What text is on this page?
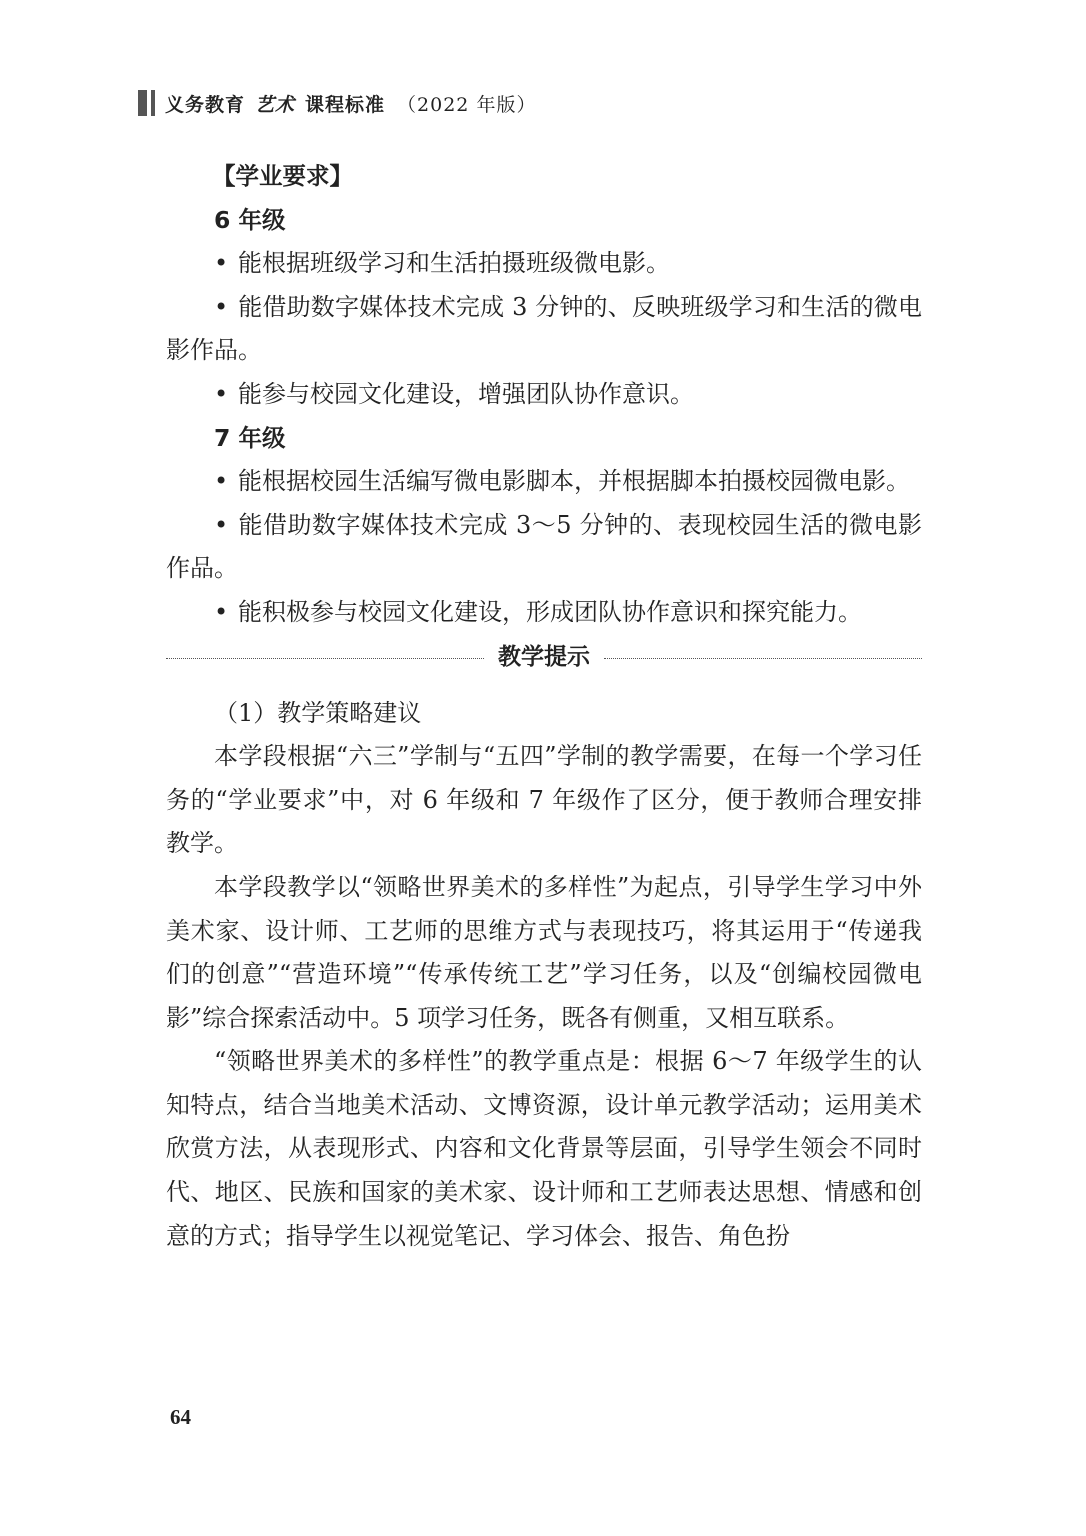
义务教育 艺术 课程标准 （2022 年版）

【学业要求】

6 年级

• 能根据班级学习和生活拍摄班级微电影。

• 能借助数字媒体技术完成 3 分钟的、反映班级学习和生活的微电影作品。

• 能参与校园文化建设，增强团队协作意识。

7 年级

• 能根据校园生活编写微电影脚本，并根据脚本拍摄校园微电影。

• 能借助数字媒体技术完成 3～5 分钟的、表现校园生活的微电影作品。

• 能积极参与校园文化建设，形成团队协作意识和探究能力。

教学提示

（1）教学策略建议

本学段根据“六三”学制与“五四”学制的教学需要，在每一个学习任务的“学业要求”中，对 6 年级和 7 年级作了区分，便于教师合理安排教学。

本学段教学以“领略世界美术的多样性”为起点，引导学生学习中外美术家、设计师、工艺师的思维方式与表现技巧，将其运用于“传递我们的创意”“营造环境”“传承传统工艺”学习任务，以及“创编校园微电影”综合探索活动中。5 项学习任务，既各有侧重，又相互联系。

“领略世界美术的多样性”的教学重点是：根据 6～7 年级学生的认知特点，结合当地美术活动、文博资源，设计单元教学活动；运用美术欣赏方法，从表现形式、内容和文化背景等层面，引导学生领会不同时代、地区、民族和国家的美术家、设计师和工艺师表达思想、情感和创意的方式；指导学生以视觉笔记、学习体会、报告、角色扮

64
